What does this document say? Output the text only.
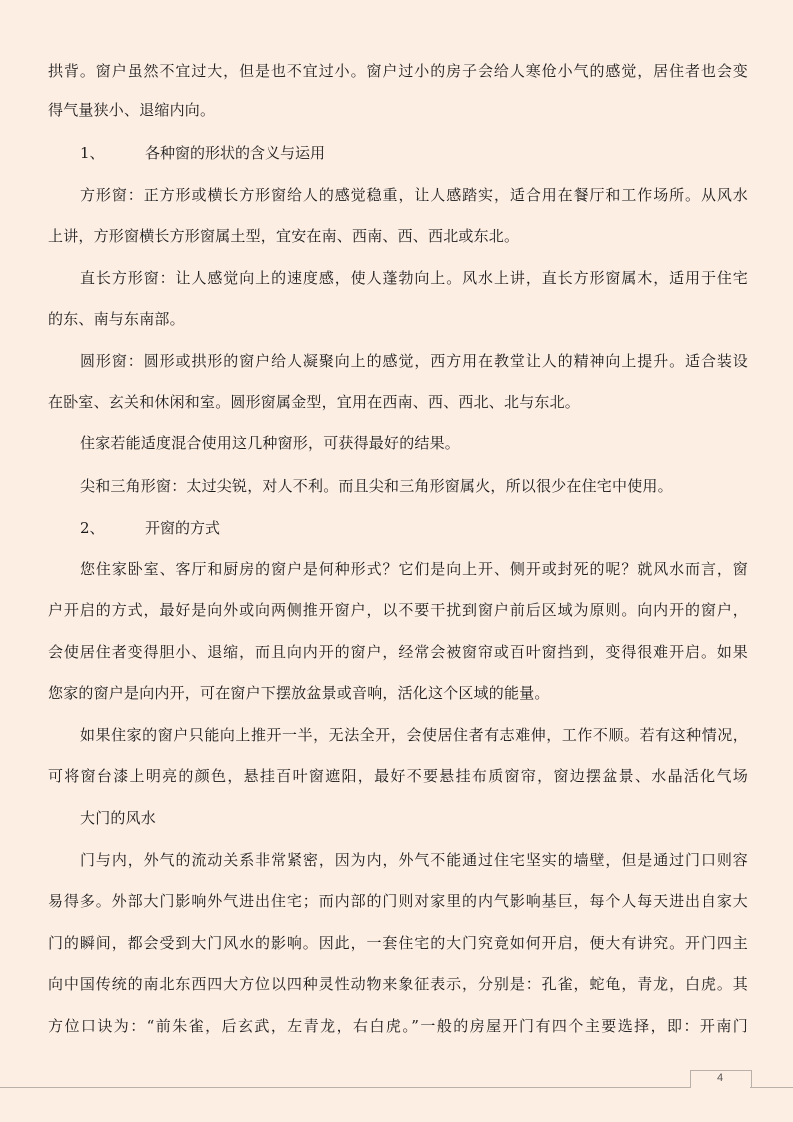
拱背。窗户虽然不宜过大，但是也不宜过小。窗户过小的房子会给人寒伧小气的感觉，居住者也会变
得气量狭小、退缩内向。
1、	各种窗的形状的含义与运用
方形窗：正方形或横长方形窗给人的感觉稳重，让人感踏实，适合用在餐厅和工作场所。从风水
上讲，方形窗横长方形窗属土型，宜安在南、西南、西、西北或东北。
直长方形窗：让人感觉向上的速度感，使人蓬勃向上。风水上讲，直长方形窗属木，适用于住宅
的东、南与东南部。
圆形窗：圆形或拱形的窗户给人凝聚向上的感觉，西方用在教堂让人的精神向上提升。适合装设
在卧室、玄关和休闲和室。圆形窗属金型，宜用在西南、西、西北、北与东北。
住家若能适度混合使用这几种窗形，可获得最好的结果。
尖和三角形窗：太过尖锐，对人不利。而且尖和三角形窗属火，所以很少在住宅中使用。
2、	开窗的方式
您住家卧室、客厅和厨房的窗户是何种形式？它们是向上开、侧开或封死的呢？就风水而言，窗
户开启的方式，最好是向外或向两侧推开窗户，以不要干扰到窗户前后区域为原则。向内开的窗户，
会使居住者变得胆小、退缩，而且向内开的窗户，经常会被窗帘或百叶窗挡到，变得很难开启。如果
您家的窗户是向内开，可在窗户下摆放盆景或音响，活化这个区域的能量。
如果住家的窗户只能向上推开一半，无法全开，会使居住者有志难伸，工作不顺。若有这种情况，
可将窗台漆上明亮的颜色，悬挂百叶窗遮阳，最好不要悬挂布质窗帘，窗边摆盆景、水晶活化气场
大门的风水
门与内，外气的流动关系非常紧密，因为内，外气不能通过住宅坚实的墙壁，但是通过门口则容
易得多。外部大门影响外气进出住宅；而内部的门则对家里的内气影响基巨，每个人每天进出自家大
门的瞬间，都会受到大门风水的影响。因此，一套住宅的大门究竟如何开启，便大有讲究。开门四主
向中国传统的南北东西四大方位以四种灵性动物来象征表示，分别是：孔雀，蛇龟，青龙，白虎。其
方位口诀为：“前朱雀，后玄武，左青龙，右白虎。”一般的房屋开门有四个主要选择，即：开南门
4
